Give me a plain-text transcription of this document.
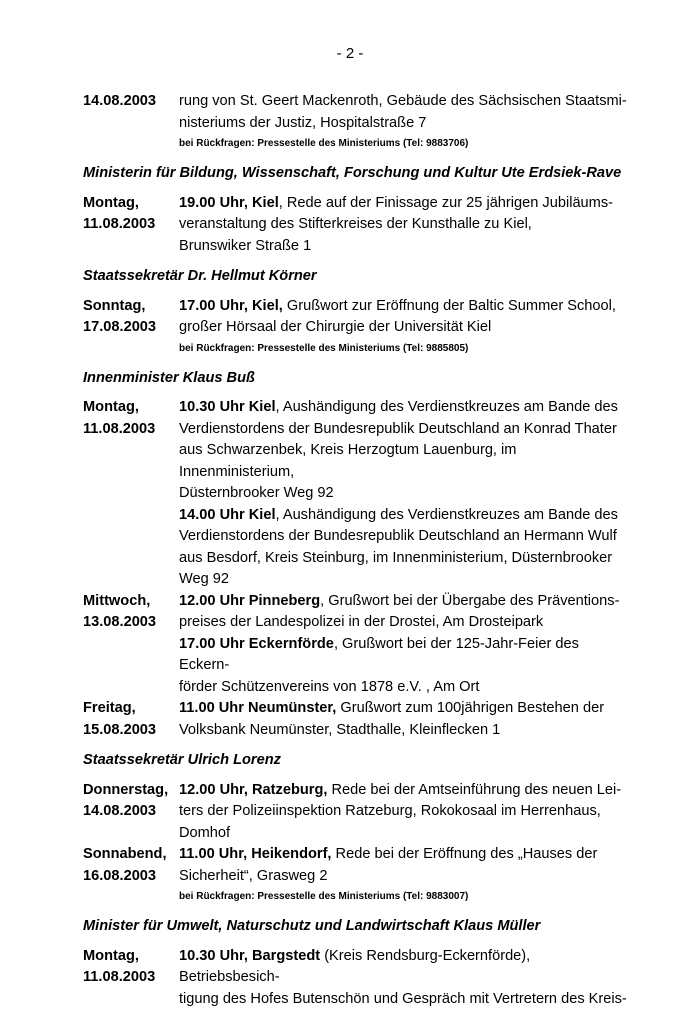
- 2 -
14.08.2003	rung von St. Geert Mackenroth, Gebäude des Sächsischen Staatsmi-
nisteriums der Justiz, Hospitalstraße 7
bei Rückfragen: Pressestelle des Ministeriums (Tel: 9883706)
Ministerin für Bildung, Wissenschaft, Forschung und Kultur Ute Erdsiek-Rave
Montag,
11.08.2003
19.00 Uhr, Kiel, Rede auf der Finissage zur 25 jährigen Jubiläums-
veranstaltung des Stifterkreises der Kunsthalle zu Kiel,
Brunswiker Straße 1
Staatssekretär Dr. Hellmut Körner
Sonntag,
17.08.2003
17.00 Uhr, Kiel, Grußwort zur Eröffnung der Baltic Summer School,
großer Hörsaal der Chirurgie der Universität Kiel
bei Rückfragen: Pressestelle des Ministeriums (Tel: 9885805)
Innenminister Klaus Buß
Montag,
11.08.2003
10.30 Uhr Kiel, Aushändigung des Verdienstkreuzes am Bande des
Verdienstordens der Bundesrepublik Deutschland an Konrad Thater
aus Schwarzenbek, Kreis Herzogtum Lauenburg, im Innenministerium,
Düsternbrooker Weg 92
14.00 Uhr Kiel, Aushändigung des Verdienstkreuzes am Bande des
Verdienstordens der Bundesrepublik Deutschland an Hermann Wulf
aus Besdorf, Kreis Steinburg, im Innenministerium, Düsternbrooker
Weg 92
Mittwoch,
13.08.2003
12.00 Uhr Pinneberg, Grußwort bei der Übergabe des Präventions-
preises der Landespolizei in der Drostei, Am Drosteipark
17.00 Uhr Eckernförde, Grußwort bei der 125-Jahr-Feier des Eckern-
förder Schützenvereins von 1878 e.V. , Am Ort
Freitag,
15.08.2003
11.00 Uhr Neumünster, Grußwort zum 100jährigen Bestehen der
Volksbank Neumünster, Stadthalle, Kleinflecken 1
Staatssekretär Ulrich Lorenz
Donnerstag,
14.08.2003
12.00 Uhr, Ratzeburg, Rede bei der Amtseinführung des neuen Lei-
ters der Polizeiinspektion Ratzeburg, Rokokosaal im Herrenhaus,
Domhof
Sonnabend,
16.08.2003
11.00 Uhr, Heikendorf, Rede bei der Eröffnung des „Hauses der
Sicherheit“, Grasweg 2
bei Rückfragen: Pressestelle des Ministeriums (Tel: 9883007)
Minister für Umwelt, Naturschutz und Landwirtschaft Klaus Müller
Montag,
11.08.2003
10.30 Uhr, Bargstedt (Kreis Rendsburg-Eckernförde), Betriebsbesich-
tigung des Hofes Butenschön und Gespräch mit Vertretern des Kreis-
